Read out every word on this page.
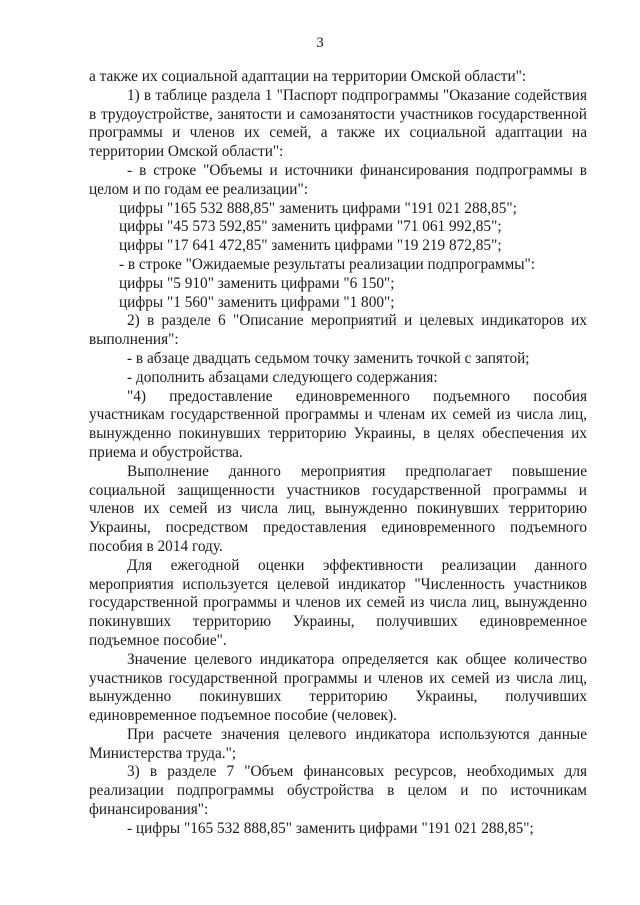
3

а также их социальной адаптации на территории Омской области":

1) в таблице раздела 1 "Паспорт подпрограммы "Оказание содействия в трудоустройстве, занятости и самозанятости участников государственной программы и членов их семей, а также их социальной адаптации на территории Омской области":

- в строке "Объемы и источники финансирования подпрограммы в целом и по годам ее реализации":

цифры "165 532 888,85" заменить цифрами "191 021 288,85";

цифры "45 573 592,85" заменить цифрами "71 061 992,85";

цифры "17 641 472,85" заменить цифрами "19 219 872,85";

- в строке "Ожидаемые результаты реализации подпрограммы":

цифры "5 910" заменить цифрами "6 150";

цифры "1 560" заменить цифрами "1 800";

2) в разделе 6 "Описание мероприятий и целевых индикаторов их выполнения":

- в абзаце двадцать седьмом точку заменить точкой с запятой;

- дополнить абзацами следующего содержания:

"4) предоставление единовременного подъемного пособия участникам государственной программы и членам их семей из числа лиц, вынужденно покинувших территорию Украины, в целях обеспечения их приема и обустройства.

Выполнение данного мероприятия предполагает повышение социальной защищенности участников государственной программы и членов их семей из числа лиц, вынужденно покинувших территорию Украины, посредством предоставления единовременного подъемного пособия в 2014 году.

Для ежегодной оценки эффективности реализации данного мероприятия используется целевой индикатор "Численность участников государственной программы и членов их семей из числа лиц, вынужденно покинувших территорию Украины, получивших единовременное подъемное пособие".

Значение целевого индикатора определяется как общее количество участников государственной программы и членов их семей из числа лиц, вынужденно покинувших территорию Украины, получивших единовременное подъемное пособие (человек).

При расчете значения целевого индикатора используются данные Министерства труда.";

3) в разделе 7 "Объем финансовых ресурсов, необходимых для реализации подпрограммы обустройства в целом и по источникам финансирования":

- цифры "165 532 888,85" заменить цифрами "191 021 288,85";
